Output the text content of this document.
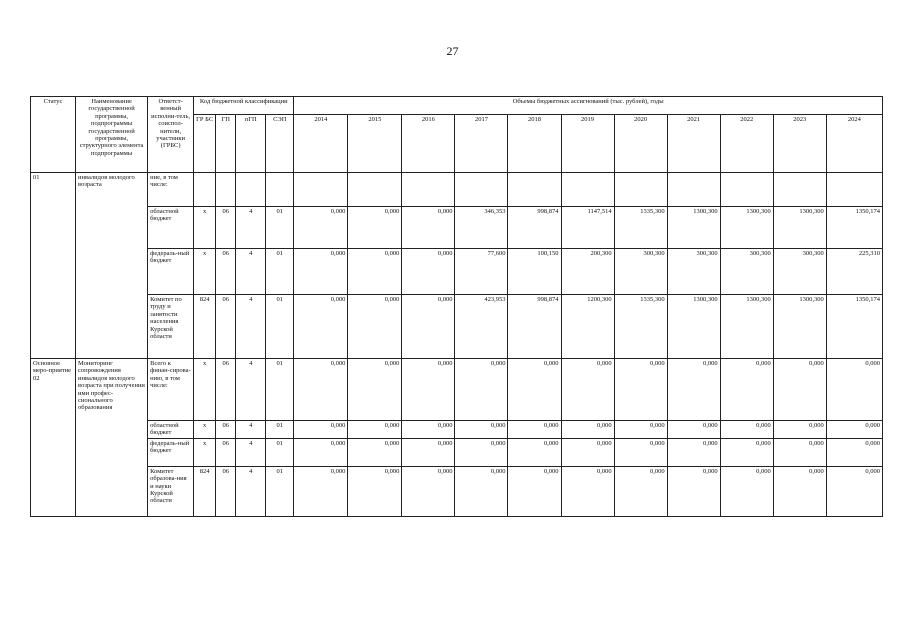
27
Статус	Наименование государственной программы, подпрограммы государственной программы, структурного элемента подпрограммы	Ответст-венный исполни-тель, соиспол-нители, участники (ГРБС)	Код бюджетной классификации				Объемы бюджетных ассигнований (тыс. рублей), годы										
			ГР БС	ГП	пГП	СЭП	2014	2015	2016	2017	2018	2019	2020	2021	2022	2023	2024
01	инвалидов молодого возраста	ние, в том числе:															
		областной бюджет	х	06	4	01	0,000	0,000	0,000	346,353	998,874	1147,514	1335,300	1300,300	1300,300	1300,300	1350,174
		федераль-ный бюджет	х	06	4	01	0,000	0,000	0,000	77,600	100,150	200,300	300,300	300,300	300,300	300,300	225,310
		Комитет по труду и занятости населения Курской области	824	06	4	01	0,000	0,000	0,000	423,953	998,874	1200,300	1335,300	1300,300	1300,300	1300,300	1350,174
Основное меро-приятие 02	Мониторинг сопровождения инвалидов молодого возраста при получении ими профес-сионального образования	Всего к финан-сирова-нию, в том числе:	х	06	4	01	0,000	0,000	0,000	0,000	0,000	0,000	0,000	0,000	0,000	0,000	0,000
		областной бюджет	х	06	4	01	0,000	0,000	0,000	0,000	0,000	0,000	0,000	0,000	0,000	0,000	0,000
		федераль-ный бюджет	х	06	4	01	0,000	0,000	0,000	0,000	0,000	0,000	0,000	0,000	0,000	0,000	0,000
		Комитет образова-ния и науки Курской области	824	06	4	01	0,000	0,000	0,000	0,000	0,000	0,000	0,000	0,000	0,000	0,000	0,000
